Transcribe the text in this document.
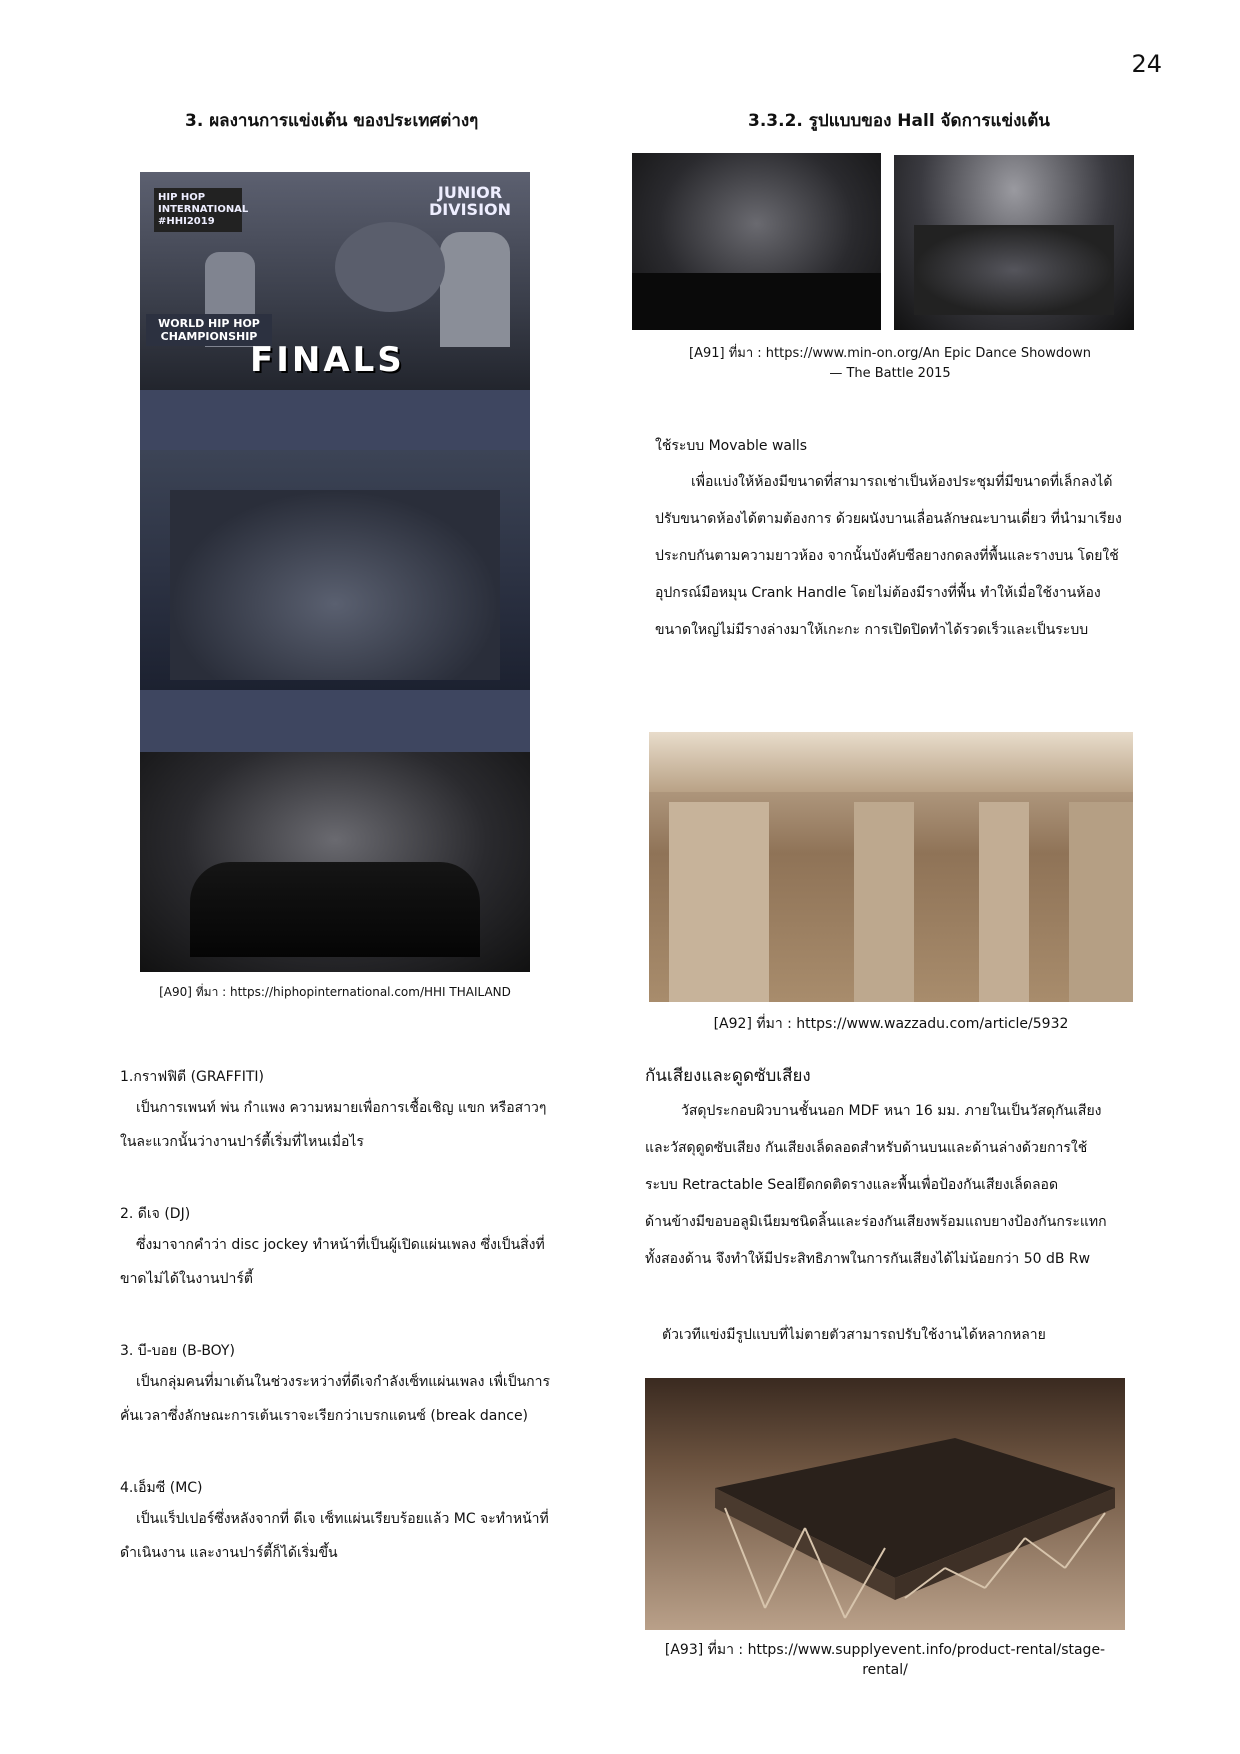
24
3. ผลงานการแข่งเต้น ของประเทศต่างๆ
HIP HOP INTERNATIONAL #HHI2019
JUNIOR DIVISION
WORLD HIP HOP CHAMPIONSHIP
FINALS
[A90] ที่มา : https://hiphopinternational.com/HHI THAILAND
1.กราฟฟิตี (GRAFFITI)
เป็นการเพนท์ พ่น กำแพง ความหมายเพื่อการเชื้อเชิญ แขก หรือสาวๆ
ในละแวกนั้นว่างานปาร์ตี้เริ่มที่ไหนเมื่อไร
2. ดีเจ (DJ)
ซึ่งมาจากคำว่า disc jockey ทำหน้าที่เป็นผู้เปิดแผ่นเพลง ซึ่งเป็นสิ่งที่
ขาดไม่ได้ในงานปาร์ตี้
3. บี-บอย (B-BOY)
เป็นกลุ่มคนที่มาเต้นในช่วงระหว่างที่ดีเจกำลังเซ็ทแผ่นเพลง เพื่เป็นการ
คั่นเวลาซึ่งลักษณะการเต้นเราจะเรียกว่าเบรกแดนซ์ (break dance)
4.เอ็มซี (MC)
เป็นแร็ปเปอร์ซึ่งหลังจากที่ ดีเจ เซ็ทแผ่นเรียบร้อยแล้ว MC จะทำหน้าที่
ดำเนินงาน และงานปาร์ตี้ก็ได้เริ่มขึ้น
3.3.2. รูปแบบของ Hall จัดการแข่งเต้น
[A91] ที่มา : https://www.min-on.org/An Epic Dance Showdown
— The Battle 2015
ใช้ระบบ Movable walls
เพื่อแบ่งให้ห้องมีขนาดที่สามารถเช่าเป็นห้องประชุมที่มีขนาดที่เล็กลงได้
ปรับขนาดห้องได้ตามต้องการ ด้วยผนังบานเลื่อนลักษณะบานเดี่ยว ที่นำมาเรียง
ประกบกันตามความยาวห้อง จากนั้นบังคับซีลยางกดลงที่พื้นและรางบน โดยใช้
อุปกรณ์มือหมุน Crank Handle โดยไม่ต้องมีรางที่พื้น ทำให้เมื่อใช้งานห้อง
ขนาดใหญ่ไม่มีรางล่างมาให้เกะกะ การเปิดปิดทำได้รวดเร็วและเป็นระบบ
[A92] ที่มา : https://www.wazzadu.com/article/5932
กันเสียงและดูดซับเสียง
วัสดุประกอบผิวบานชั้นนอก MDF หนา 16 มม. ภายในเป็นวัสดุกันเสียง
และวัสดุดูดซับเสียง กันเสียงเล็ดลอดสำหรับด้านบนและด้านล่างด้วยการใช้
ระบบ Retractable Sealยึดกดติดรางและพื้นเพื่อป้องกันเสียงเล็ดลอด
ด้านข้างมีขอบอลูมิเนียมชนิดลิ้นและร่องกันเสียงพร้อมแถบยางป้องกันกระแทก
ทั้งสองด้าน จึงทำให้มีประสิทธิภาพในการกันเสียงได้ไม่น้อยกว่า 50 dB Rw
ตัวเวทีแข่งมีรูปแบบที่ไม่ตายตัวสามารถปรับใช้งานได้หลากหลาย
[A93] ที่มา : https://www.supplyevent.info/product-rental/stage-rental/
